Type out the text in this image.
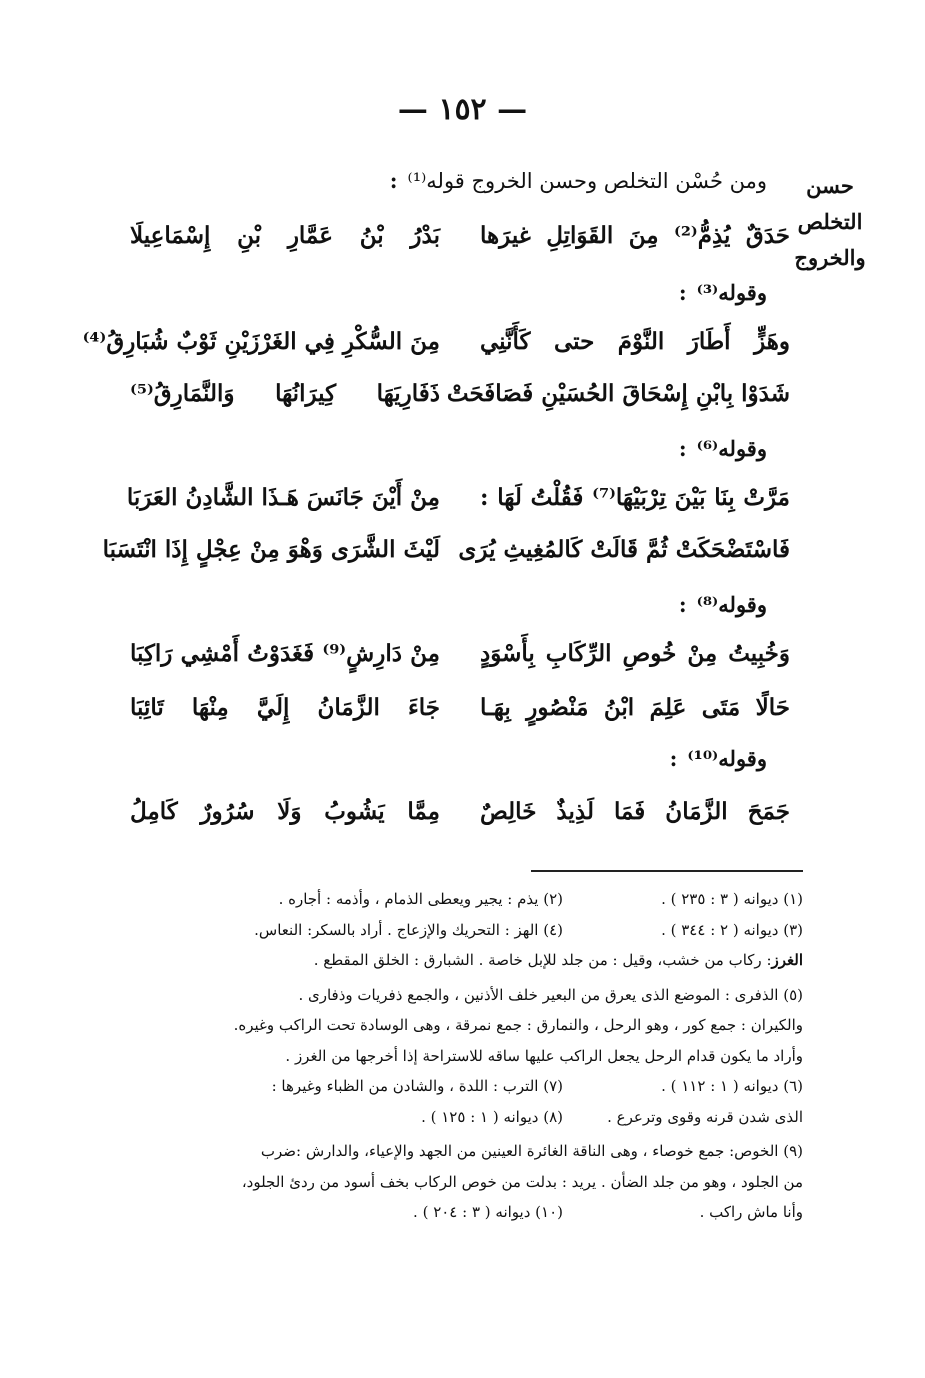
— ١٥٢ —
حسن
التخلص
والخروج
ومن حُسْن التخلص وحسن الخروج قوله⁽¹⁾:
حَدَقٌ يُذِمُّ⁽²⁾ مِنَ القَوَاتِلِ غيرَها
بَدْرُ بْنُ عَمَّارِ بْنِ إِسْمَاعِيلَا
وقوله⁽³⁾:
وهَزٍّ أَطَارَ النَّوْمَ حتى كَأَنَّنِي
مِنَ السُّكْرِ فِي الغَرْزَيْنِ ثَوْبٌ شُبَارِقُ⁽⁴⁾
شَدَوْا بِابْنِ إِسْحَاقَ الحُسَيْنِ فَصَافَحَتْ
ذَفَارِيَهَا كِيرَانُهَا وَالنَّمَارِقُ⁽⁵⁾
وقوله⁽⁶⁾:
مَرَّتْ بِنَا بَيْنَ تِرْبَيْهَا⁽⁷⁾ فَقُلْتُ لَهَا :
مِنْ أَيْنَ جَانَسَ هَـذَا الشَّادِنُ العَرَبَا
فَاسْتَضْحَكَتْ ثُمَّ قَالَتْ كَالمُغِيثِ يُرَى
لَيْثَ الشَّرَى وَهْوَ مِنْ عِجْلٍ إِذَا انْتَسَبَا
وقوله⁽⁸⁾:
وَخُبِيتُ مِنْ خُوصِ الرِّكَابِ بِأَسْوَدٍ
مِنْ دَارِشٍ⁽⁹⁾ فَغَدَوْتُ أَمْشِي رَاكِبَا
حَالًا مَتَى عَلِمَ ابْنُ مَنْصُورٍ بِهَـا
جَاءَ الزَّمَانُ إِلَيَّ مِنْهَا تَائِبَا
وقوله⁽¹⁰⁾:
جَمَحَ الزَّمَانُ فَمَا لَذِيذٌ خَالِصٌ
مِمَّا يَشُوبُ وَلَا سُرُورٌ كَامِلُ
(١) ديوانه ( ٣ : ٢٣٥ ) .
(٢) يذم : يجير ويعطى الذمام ، وأذمه : أجاره .
(٣) ديوانه ( ٢ : ٣٤٤ ) .
(٤) الهز : التحريك والإزعاج . أراد بالسكر: النعاس.
الغرز: ركاب من خشب، وقيل : من جلد للإبل خاصة . الشبارق : الخلق المقطع .
(٥) الذفرى : الموضع الذى يعرق من البعير خلف الأذنين ، والجمع ذفريات وذفارى .
والكيران : جمع كور ، وهو الرحل ، والنمارق : جمع نمرقة ، وهى الوسادة تحت الراكب وغيره.
وأراد ما يكون قدام الرحل يجعل الراكب عليها ساقه للاستراحة إذا أخرجها من الغرز .
(٦) ديوانه ( ١ : ١١٢ ) .
(٧) الترب : اللدة ، والشادن من الظباء وغيرها :
الذى شدن قرنه وقوى وترعرع .
(٨) ديوانه ( ١ : ١٢٥ ) .
(٩) الخوص: جمع خوصاء ، وهى الناقة الغائرة العينين من الجهد والإعياء، والدارش :ضرب
من الجلود ، وهو من جلد الضأن . يريد : بدلت من خوص الركاب بخف أسود من ردئ الجلود،
وأنا ماش راكب .
(١٠) ديوانه ( ٣ : ٢٠٤ ) .
